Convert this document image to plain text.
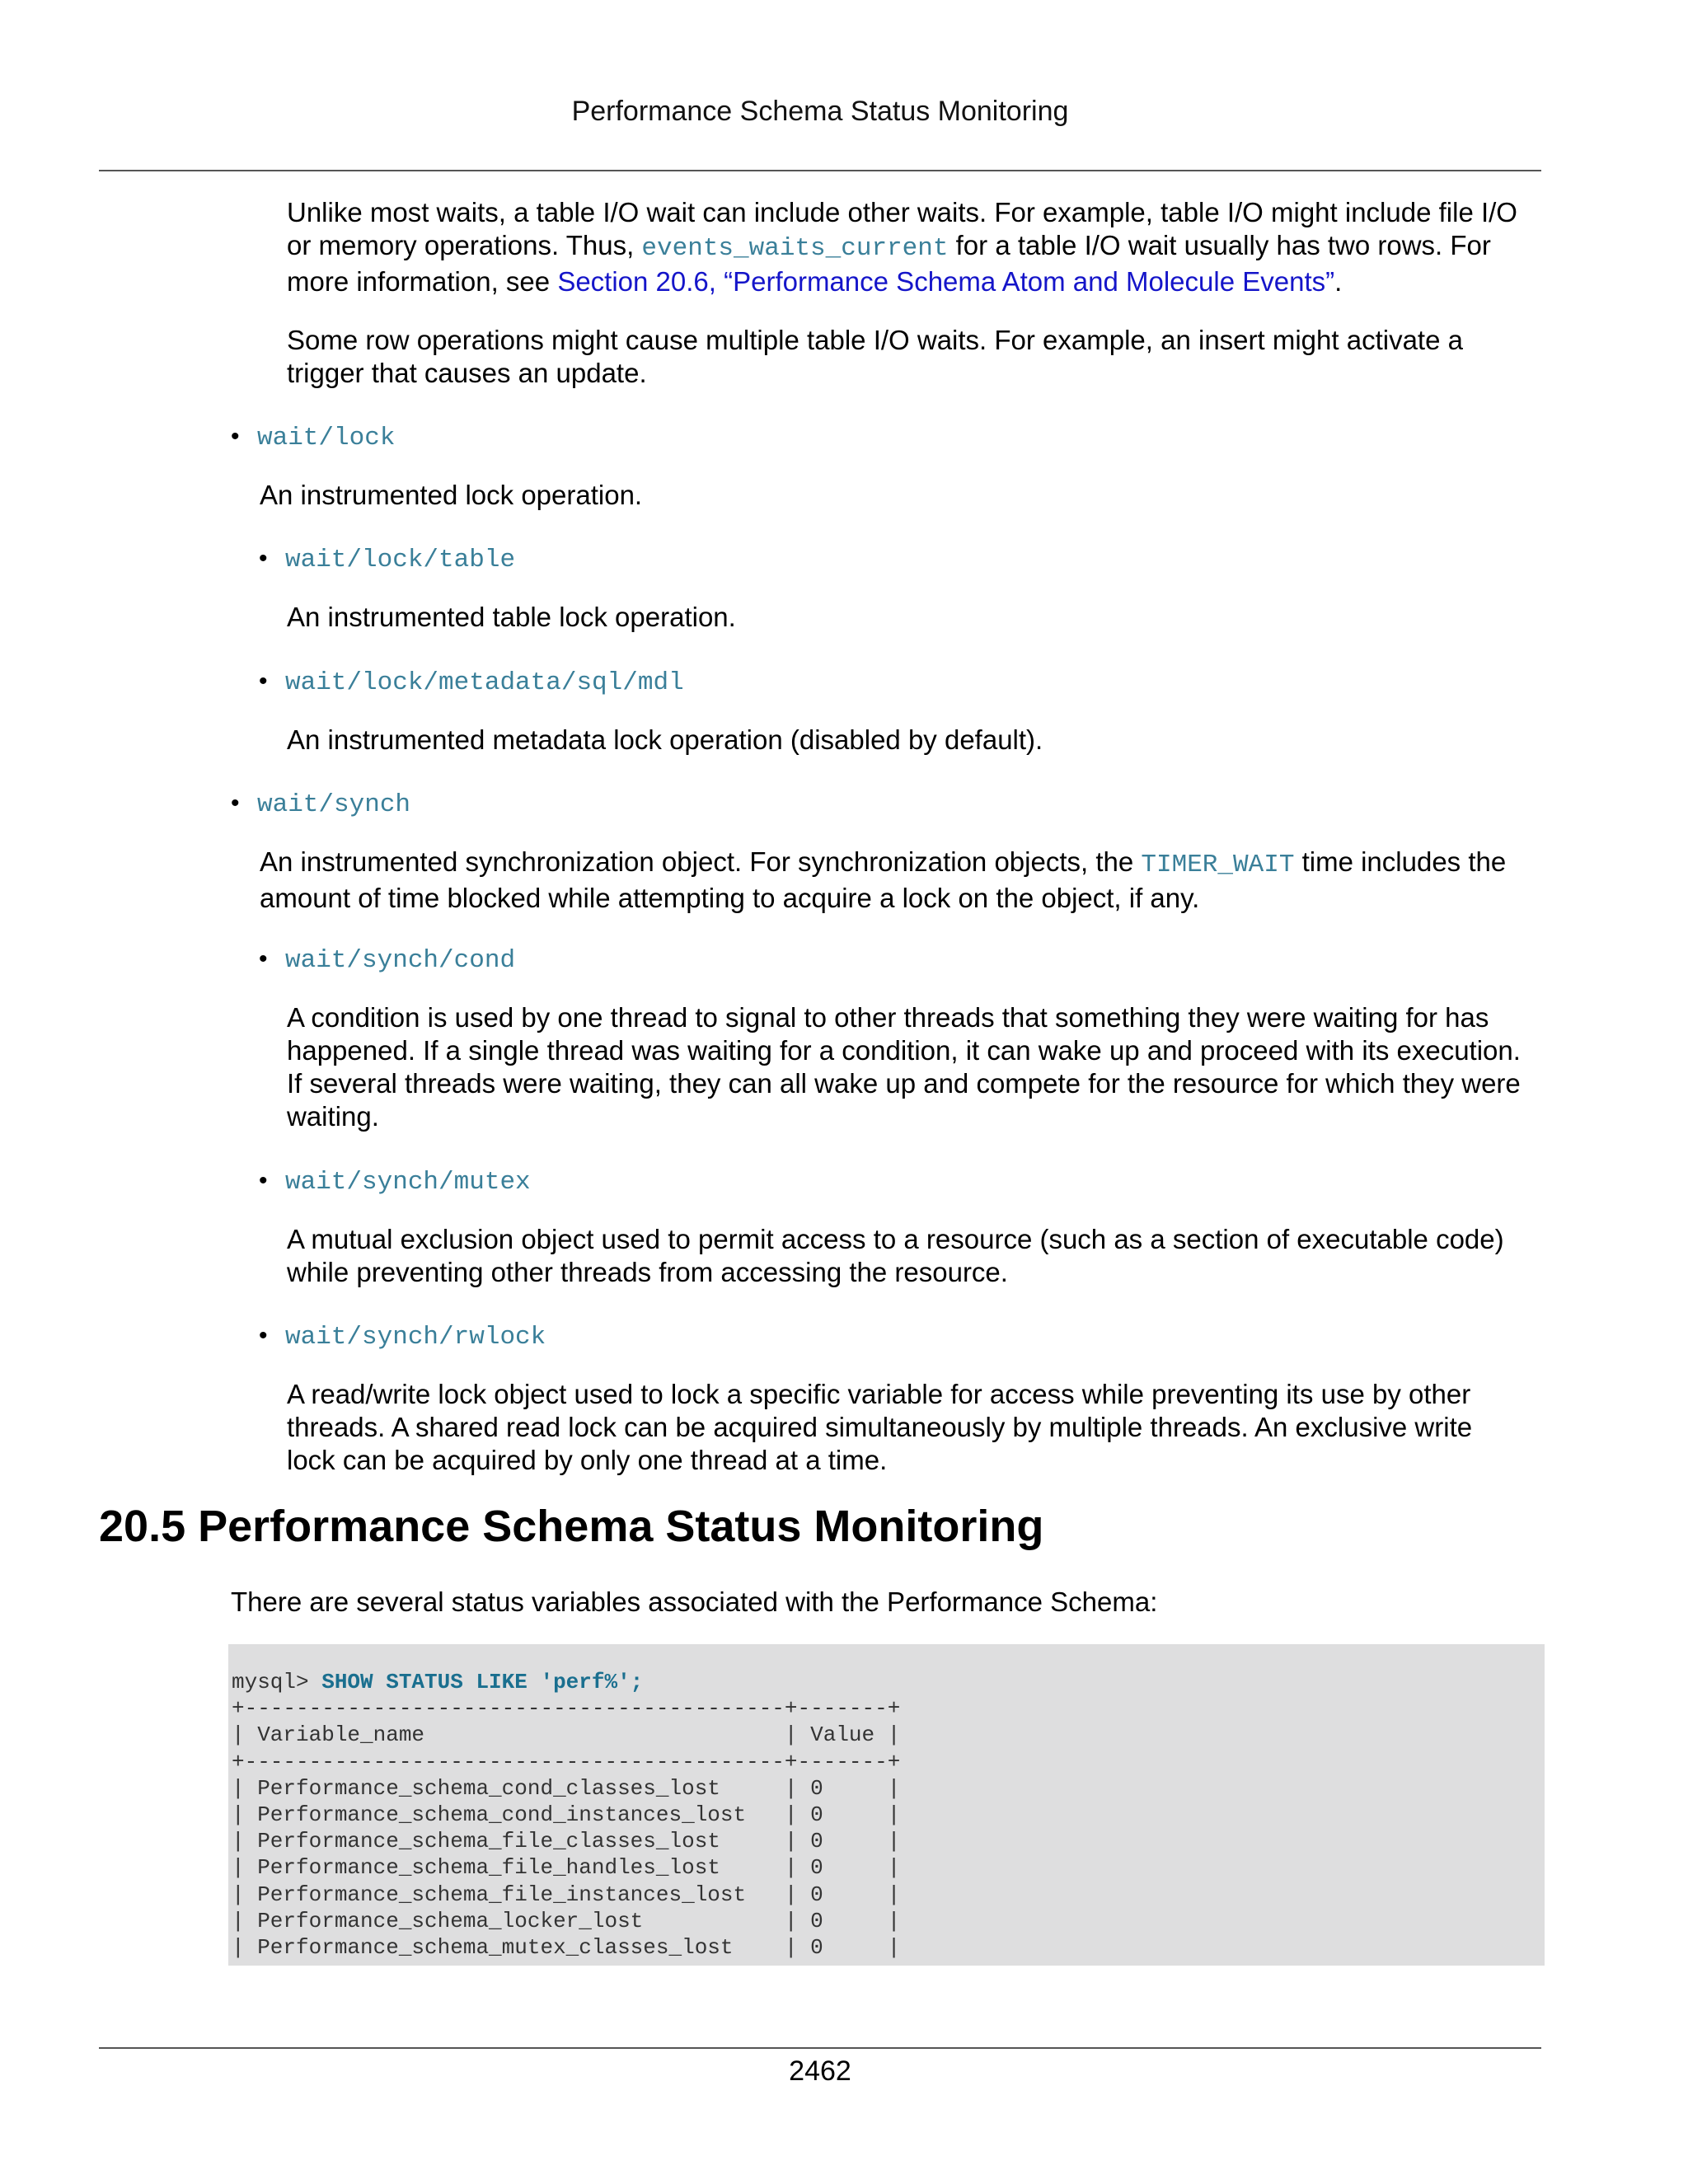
Performance Schema Status Monitoring
Unlike most waits, a table I/O wait can include other waits. For example, table I/O might include file I/O
or memory operations. Thus, events_waits_current for a table I/O wait usually has two rows. For
more information, see Section 20.6, “Performance Schema Atom and Molecule Events”.
Some row operations might cause multiple table I/O waits. For example, an insert might activate a
trigger that causes an update.
• wait/lock
An instrumented lock operation.
• wait/lock/table
An instrumented table lock operation.
• wait/lock/metadata/sql/mdl
An instrumented metadata lock operation (disabled by default).
• wait/synch
An instrumented synchronization object. For synchronization objects, the TIMER_WAIT time includes the
amount of time blocked while attempting to acquire a lock on the object, if any.
• wait/synch/cond
A condition is used by one thread to signal to other threads that something they were waiting for has
happened. If a single thread was waiting for a condition, it can wake up and proceed with its execution.
If several threads were waiting, they can all wake up and compete for the resource for which they were
waiting.
• wait/synch/mutex
A mutual exclusion object used to permit access to a resource (such as a section of executable code)
while preventing other threads from accessing the resource.
• wait/synch/rwlock
A read/write lock object used to lock a specific variable for access while preventing its use by other
threads. A shared read lock can be acquired simultaneously by multiple threads. An exclusive write
lock can be acquired by only one thread at a time.
20.5 Performance Schema Status Monitoring
There are several status variables associated with the Performance Schema:
mysql> SHOW STATUS LIKE 'perf%';
+------------------------------------------+-------+
| Variable_name                            | Value |
+------------------------------------------+-------+
| Performance_schema_cond_classes_lost     | 0     |
| Performance_schema_cond_instances_lost   | 0     |
| Performance_schema_file_classes_lost     | 0     |
| Performance_schema_file_handles_lost     | 0     |
| Performance_schema_file_instances_lost   | 0     |
| Performance_schema_locker_lost           | 0     |
| Performance_schema_mutex_classes_lost    | 0     |
2462
